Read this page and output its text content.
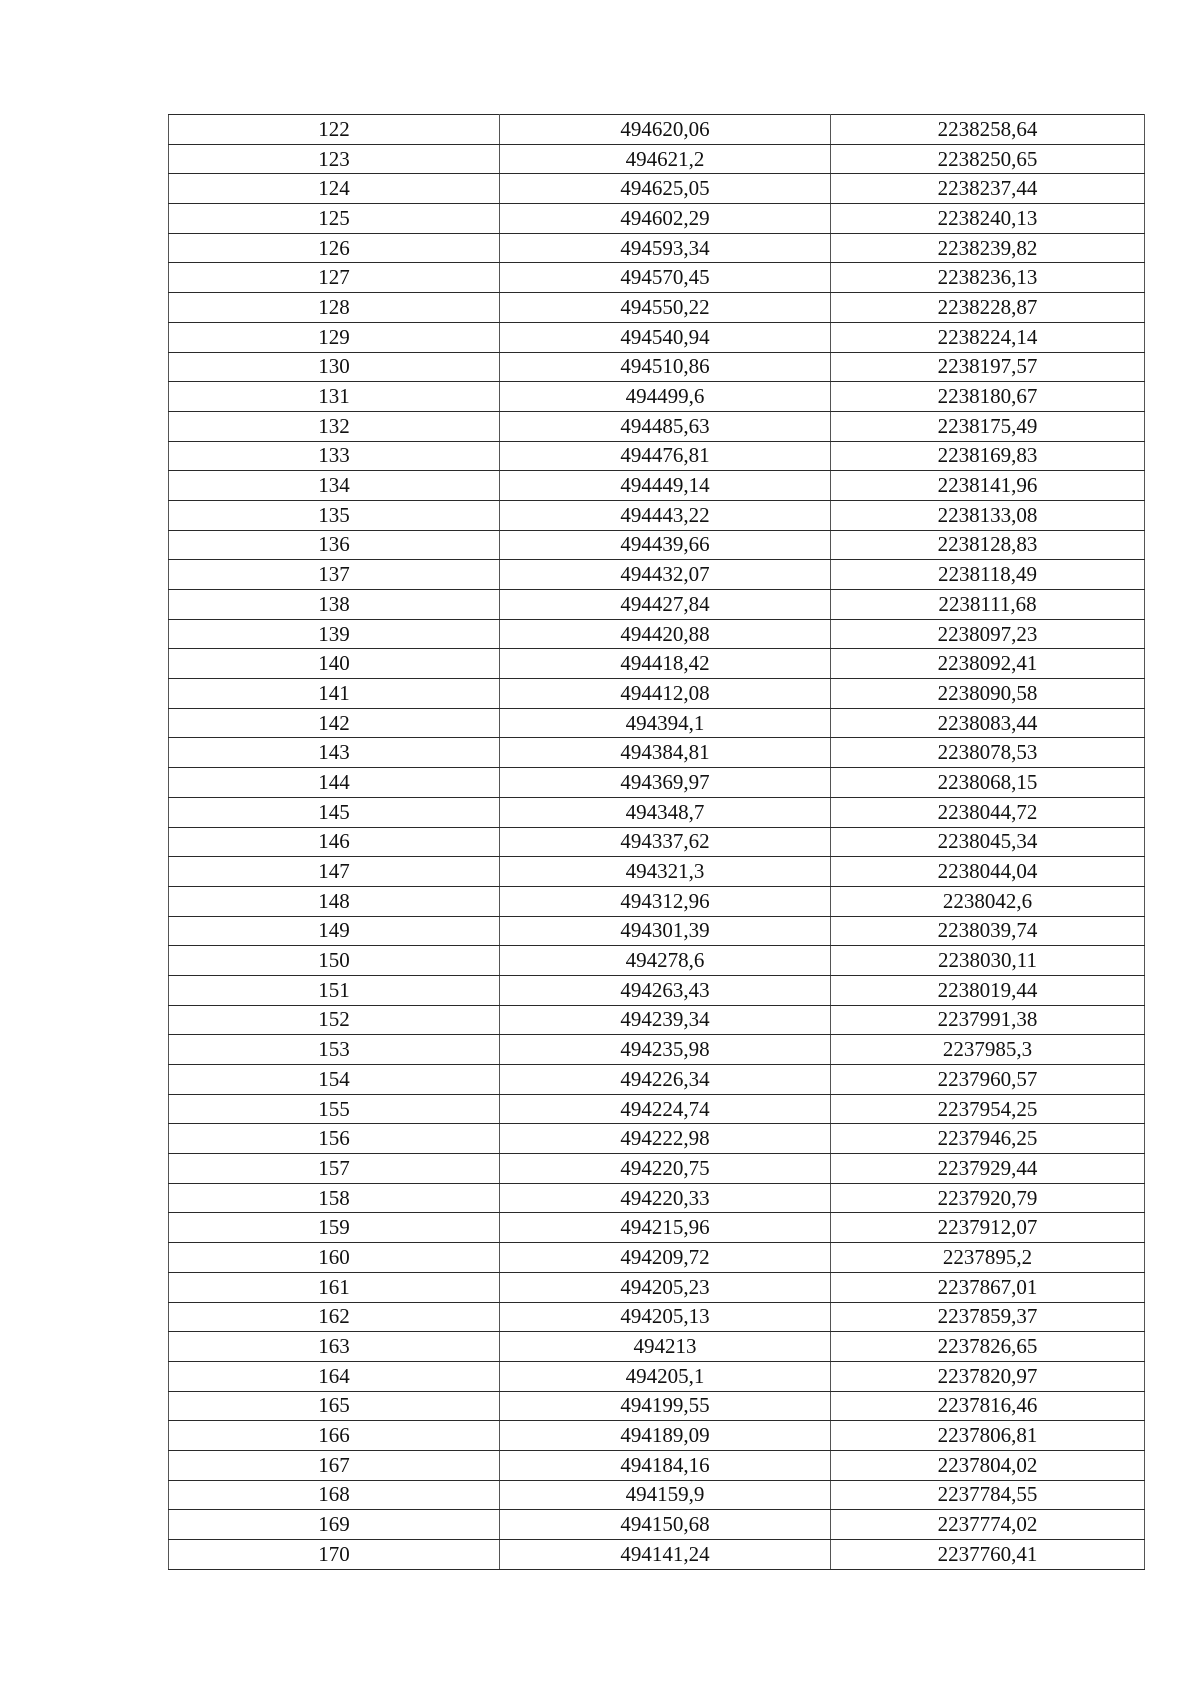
122	494620,06	2238258,64
123	494621,2	2238250,65
124	494625,05	2238237,44
125	494602,29	2238240,13
126	494593,34	2238239,82
127	494570,45	2238236,13
128	494550,22	2238228,87
129	494540,94	2238224,14
130	494510,86	2238197,57
131	494499,6	2238180,67
132	494485,63	2238175,49
133	494476,81	2238169,83
134	494449,14	2238141,96
135	494443,22	2238133,08
136	494439,66	2238128,83
137	494432,07	2238118,49
138	494427,84	2238111,68
139	494420,88	2238097,23
140	494418,42	2238092,41
141	494412,08	2238090,58
142	494394,1	2238083,44
143	494384,81	2238078,53
144	494369,97	2238068,15
145	494348,7	2238044,72
146	494337,62	2238045,34
147	494321,3	2238044,04
148	494312,96	2238042,6
149	494301,39	2238039,74
150	494278,6	2238030,11
151	494263,43	2238019,44
152	494239,34	2237991,38
153	494235,98	2237985,3
154	494226,34	2237960,57
155	494224,74	2237954,25
156	494222,98	2237946,25
157	494220,75	2237929,44
158	494220,33	2237920,79
159	494215,96	2237912,07
160	494209,72	2237895,2
161	494205,23	2237867,01
162	494205,13	2237859,37
163	494213	2237826,65
164	494205,1	2237820,97
165	494199,55	2237816,46
166	494189,09	2237806,81
167	494184,16	2237804,02
168	494159,9	2237784,55
169	494150,68	2237774,02
170	494141,24	2237760,41
